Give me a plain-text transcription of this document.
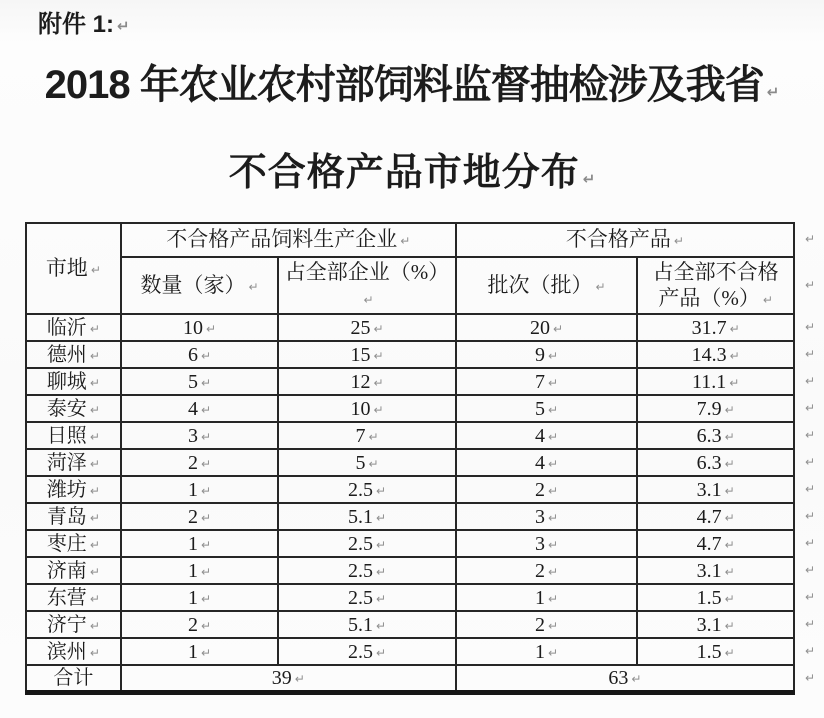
附件 1: ↵
2018 年农业农村部饲料监督抽检涉及我省 ↵
不合格产品市地分布 ↵
市地 ↵	不合格产品饲料生产企业 ↵		不合格产品 ↵		↵
	数量（家） ↵	占全部企业（%）↵	批次（批） ↵	占全部不合格产品（%） ↵	↵
临沂 ↵	10 ↵	25 ↵	20 ↵	31.7 ↵	↵
德州 ↵	6 ↵	15 ↵	9 ↵	14.3 ↵	↵
聊城 ↵	5 ↵	12 ↵	7 ↵	11.1 ↵	↵
泰安 ↵	4 ↵	10 ↵	5 ↵	7.9 ↵	↵
日照 ↵	3 ↵	7 ↵	4 ↵	6.3 ↵	↵
菏泽 ↵	2 ↵	5 ↵	4 ↵	6.3 ↵	↵
潍坊 ↵	1 ↵	2.5 ↵	2 ↵	3.1 ↵	↵
青岛 ↵	2 ↵	5.1 ↵	3 ↵	4.7 ↵	↵
枣庄 ↵	1 ↵	2.5 ↵	3 ↵	4.7 ↵	↵
济南 ↵	1 ↵	2.5 ↵	2 ↵	3.1 ↵	↵
东营 ↵	1 ↵	2.5 ↵	1 ↵	1.5 ↵	↵
济宁 ↵	2 ↵	5.1 ↵	2 ↵	3.1 ↵	↵
滨州 ↵	1 ↵	2.5 ↵	1 ↵	1.5 ↵	↵
合计	39 ↵		63 ↵		↵
